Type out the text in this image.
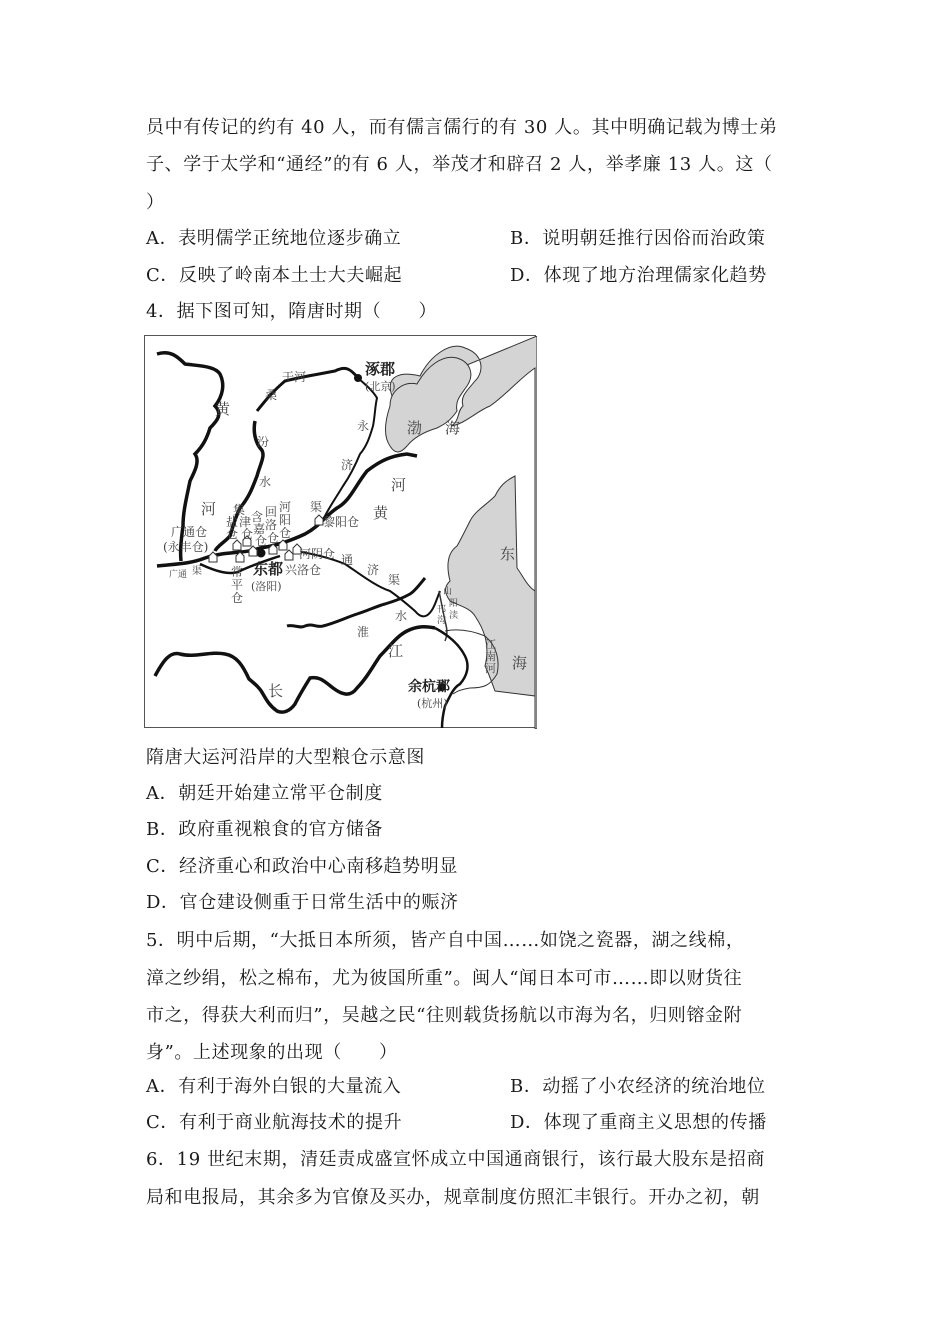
员中有传记的约有 40 人，而有儒言儒行的有 30 人。其中明确记载为博士弟
子、学于太学和“通经”的有 6 人，举茂才和辟召 2 人，举孝廉 13 人。这（
）
A．表明儒学正统地位逐步确立	B．说明朝廷推行因俗而治政策
C．反映了岭南本土士大夫崛起	D．体现了地方治理儒家化趋势
4．据下图可知，隋唐时期（　　）
涿郡
(北京)
东都
(洛阳)
余杭郡
(杭州)
渤 海
东
海
黄
河
河
黄
汾
水
桑
干河
永
济
渠
通
济
渠
淮
水
长
江
山
阳
渎
邗
沟
江
南
河
广通 渠
广通仓
(永丰仓)
集
津
仓
盐
仓
含
嘉
仓
回
洛
仓
河
阳
仓
黎阳仓
河阴仓
兴洛仓
常
平
仓
隋唐大运河沿岸的大型粮仓示意图
A．朝廷开始建立常平仓制度
B．政府重视粮食的官方储备
C．经济重心和政治中心南移趋势明显
D．官仓建设侧重于日常生活中的赈济
5．明中后期，“大抵日本所须，皆产自中国……如饶之瓷器，湖之线棉，
漳之纱绢，松之棉布，尤为彼国所重”。闽人“闻日本可市……即以财货往
市之，得获大利而归”，吴越之民“往则载货扬航以市海为名，归则镕金附
身”。上述现象的出现（　　）
A．有利于海外白银的大量流入	B．动摇了小农经济的统治地位
C．有利于商业航海技术的提升	D．体现了重商主义思想的传播
6．19 世纪末期，清廷责成盛宣怀成立中国通商银行，该行最大股东是招商
局和电报局，其余多为官僚及买办，规章制度仿照汇丰银行。开办之初，朝
